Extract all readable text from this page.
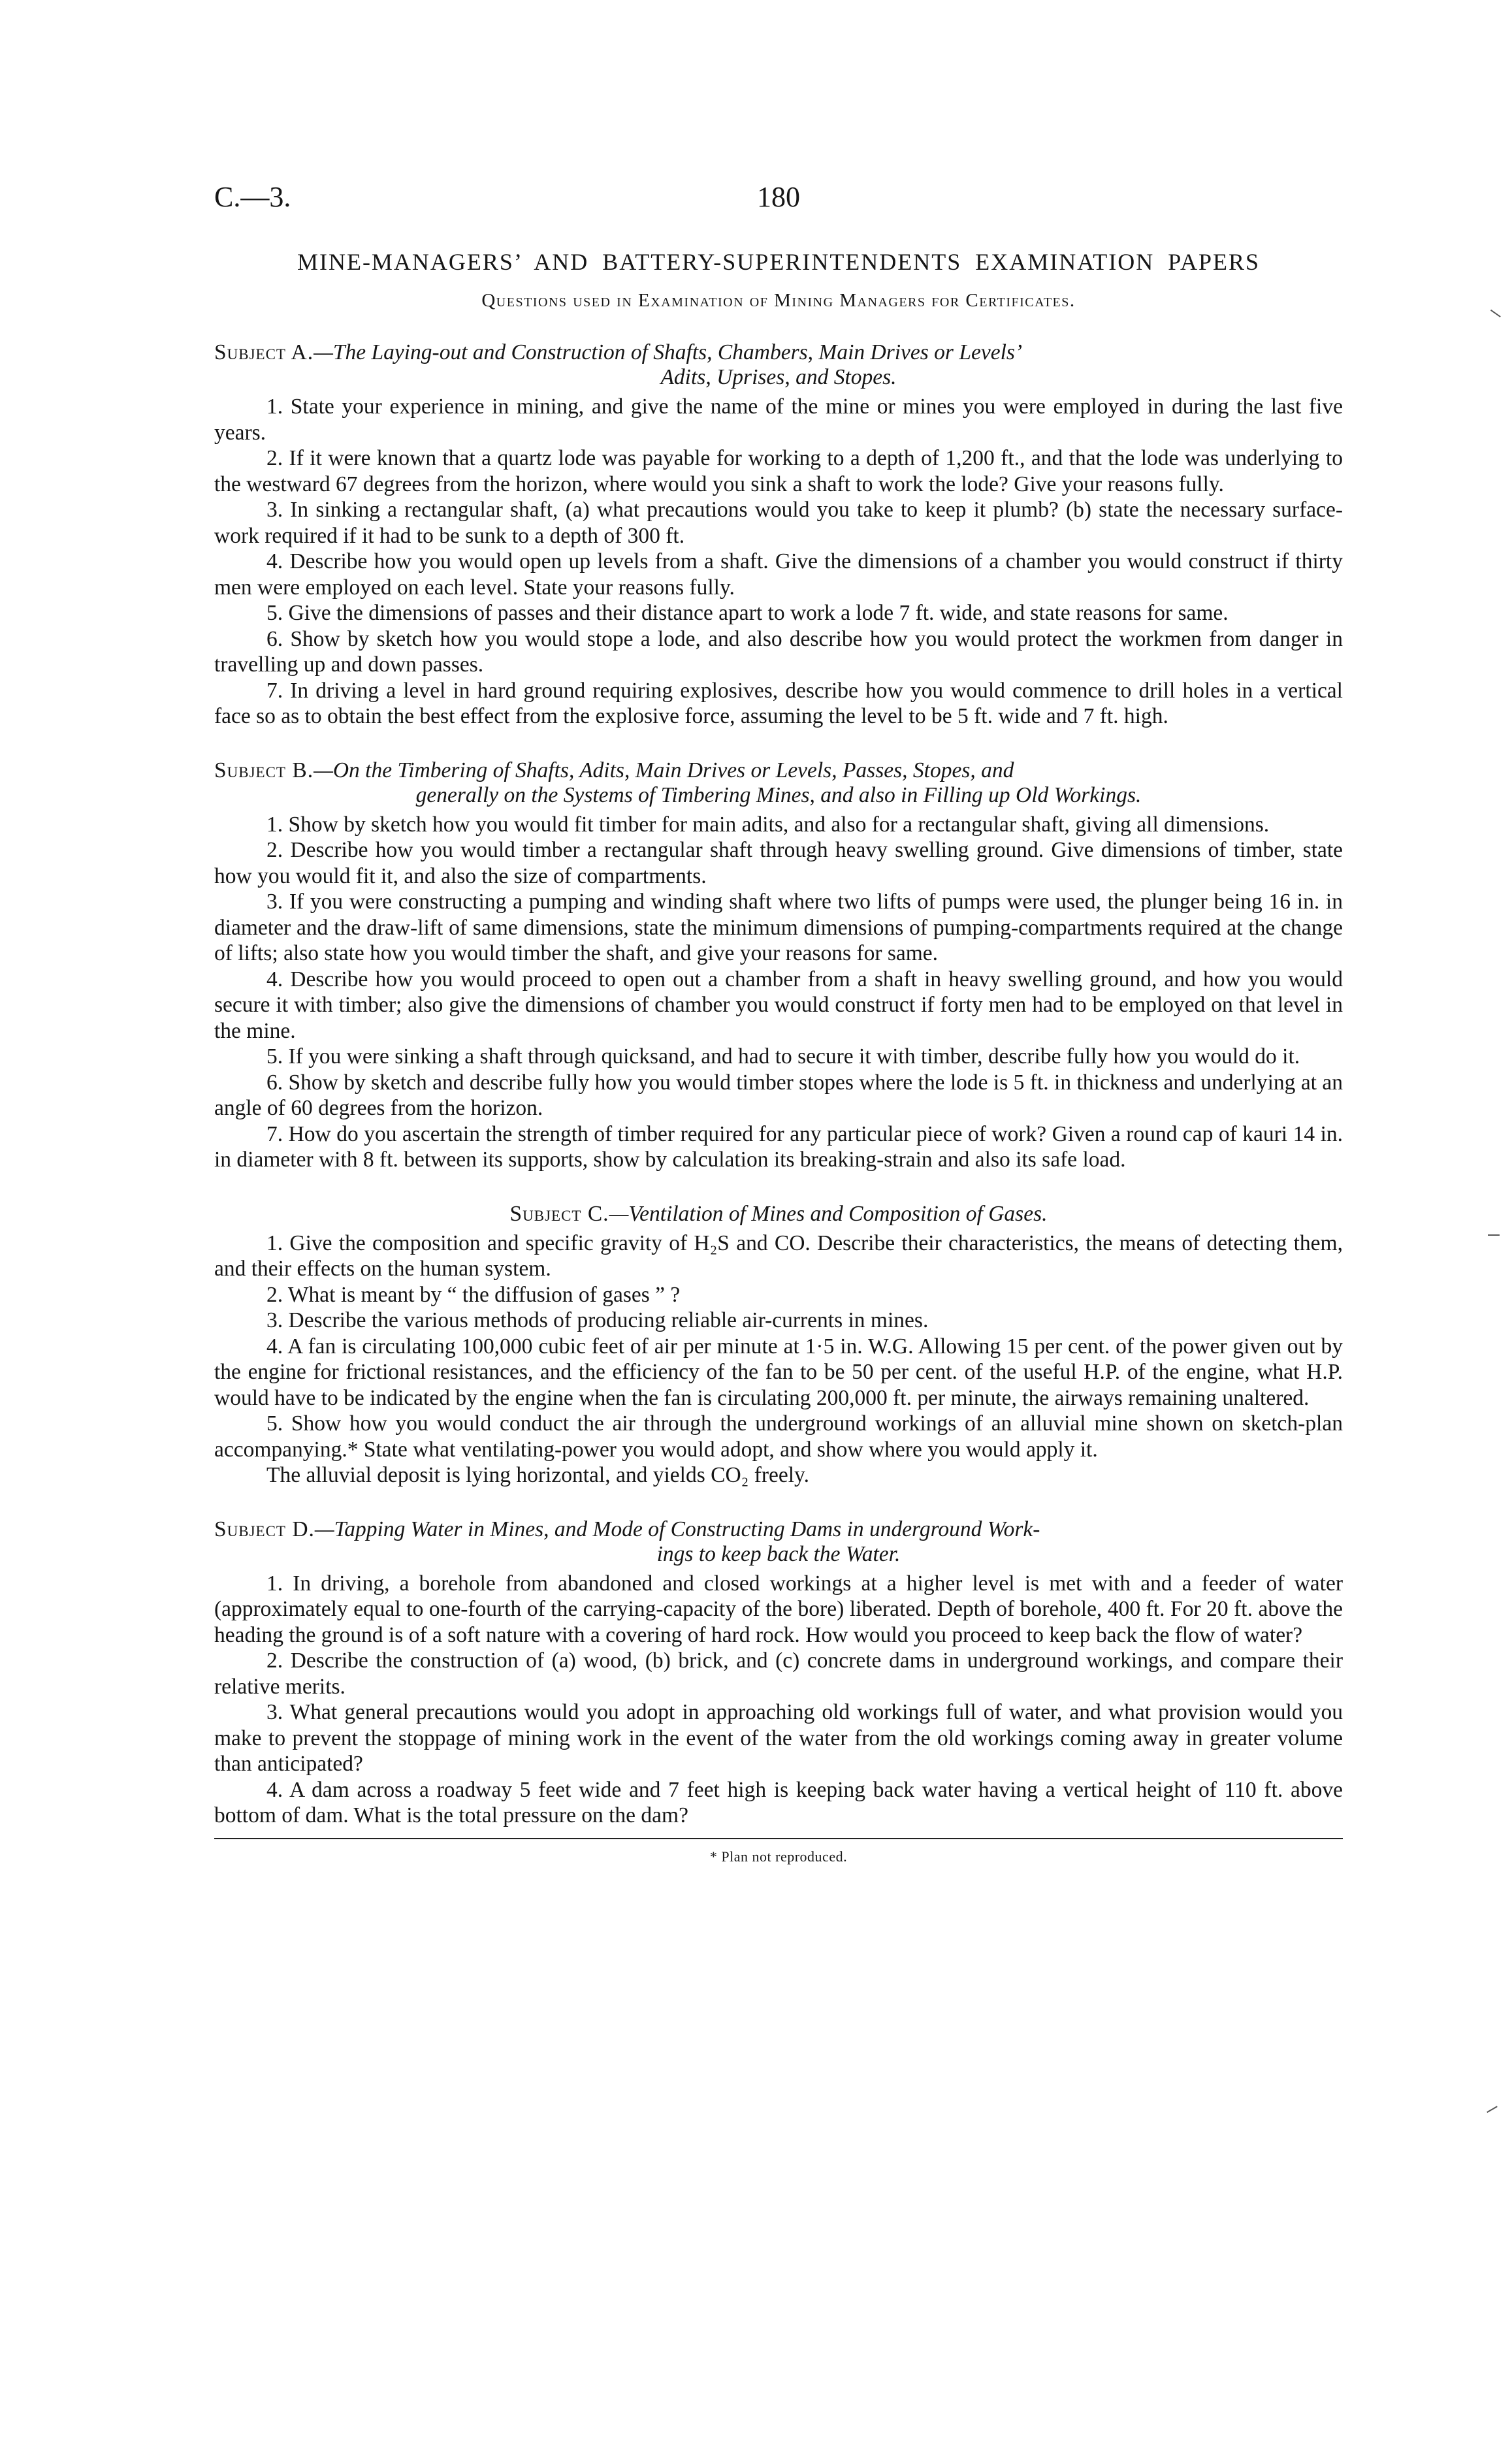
C.—3.	180
MINE-MANAGERS’ AND BATTERY-SUPERINTENDENTS EXAMINATION PAPERS
Questions used in Examination of Mining Managers for Certificates.
Subject A.—The Laying-out and Construction of Shafts, Chambers, Main Drives or Levels’
Adits, Uprises, and Stopes.

1. State your experience in mining, and give the name of the mine or mines you were employed in during the last five years.

2. If it were known that a quartz lode was payable for working to a depth of 1,200 ft., and that the lode was underlying to the westward 67 degrees from the horizon, where would you sink a shaft to work the lode? Give your reasons fully.

3. In sinking a rectangular shaft, (a) what precautions would you take to keep it plumb? (b) state the necessary surface-work required if it had to be sunk to a depth of 300 ft.

4. Describe how you would open up levels from a shaft. Give the dimensions of a chamber you would construct if thirty men were employed on each level. State your reasons fully.

5. Give the dimensions of passes and their distance apart to work a lode 7 ft. wide, and state reasons for same.

6. Show by sketch how you would stope a lode, and also describe how you would protect the workmen from danger in travelling up and down passes.

7. In driving a level in hard ground requiring explosives, describe how you would commence to drill holes in a vertical face so as to obtain the best effect from the explosive force, assuming the level to be 5 ft. wide and 7 ft. high.

Subject B.—On the Timbering of Shafts, Adits, Main Drives or Levels, Passes, Stopes, and
generally on the Systems of Timbering Mines, and also in Filling up Old Workings.

1. Show by sketch how you would fit timber for main adits, and also for a rectangular shaft, giving all dimensions.

2. Describe how you would timber a rectangular shaft through heavy swelling ground. Give dimensions of timber, state how you would fit it, and also the size of compartments.

3. If you were constructing a pumping and winding shaft where two lifts of pumps were used, the plunger being 16 in. in diameter and the draw-lift of same dimensions, state the minimum dimensions of pumping-compartments required at the change of lifts; also state how you would timber the shaft, and give your reasons for same.

4. Describe how you would proceed to open out a chamber from a shaft in heavy swelling ground, and how you would secure it with timber; also give the dimensions of chamber you would construct if forty men had to be employed on that level in the mine.

5. If you were sinking a shaft through quicksand, and had to secure it with timber, describe fully how you would do it.

6. Show by sketch and describe fully how you would timber stopes where the lode is 5 ft. in thickness and underlying at an angle of 60 degrees from the horizon.

7. How do you ascertain the strength of timber required for any particular piece of work? Given a round cap of kauri 14 in. in diameter with 8 ft. between its supports, show by calculation its breaking-strain and also its safe load.

Subject C.—Ventilation of Mines and Composition of Gases.

1. Give the composition and specific gravity of H₂S and CO. Describe their characteristics, the means of detecting them, and their effects on the human system.

2. What is meant by “ the diffusion of gases ” ?

3. Describe the various methods of producing reliable air-currents in mines.

4. A fan is circulating 100,000 cubic feet of air per minute at 1·5 in. W.G. Allowing 15 per cent. of the power given out by the engine for frictional resistances, and the efficiency of the fan to be 50 per cent. of the useful H.P. of the engine, what H.P. would have to be indicated by the engine when the fan is circulating 200,000 ft. per minute, the airways remaining unaltered.

5. Show how you would conduct the air through the underground workings of an alluvial mine shown on sketch-plan accompanying.* State what ventilating-power you would adopt, and show where you would apply it.

The alluvial deposit is lying horizontal, and yields CO₂ freely.

Subject D.—Tapping Water in Mines, and Mode of Constructing Dams in underground Work-
ings to keep back the Water.

1. In driving, a borehole from abandoned and closed workings at a higher level is met with and a feeder of water (approximately equal to one-fourth of the carrying-capacity of the bore) liberated. Depth of borehole, 400 ft. For 20 ft. above the heading the ground is of a soft nature with a covering of hard rock. How would you proceed to keep back the flow of water?

2. Describe the construction of (a) wood, (b) brick, and (c) concrete dams in underground workings, and compare their relative merits.

3. What general precautions would you adopt in approaching old workings full of water, and what provision would you make to prevent the stoppage of mining work in the event of the water from the old workings coming away in greater volume than anticipated?

4. A dam across a roadway 5 feet wide and 7 feet high is keeping back water having a vertical height of 110 ft. above bottom of dam. What is the total pressure on the dam?

* Plan not reproduced.
